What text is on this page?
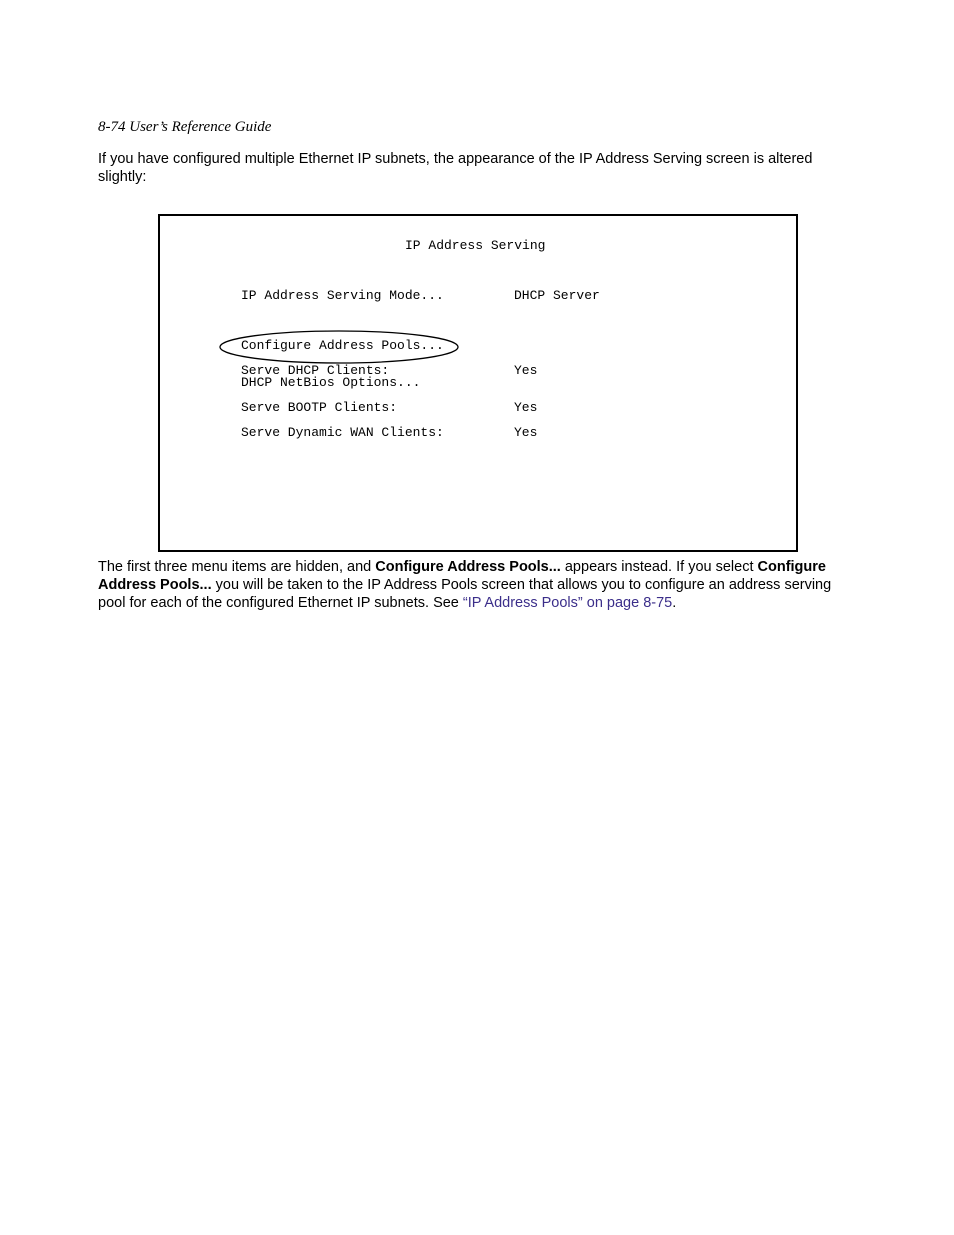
8-74 User’s Reference Guide
If you have configured multiple Ethernet IP subnets, the appearance of the IP Address Serving screen is altered slightly:
IP Address Serving
IP Address Serving Mode...	DHCP Server
Configure Address Pools...
Serve DHCP Clients:	Yes
DHCP NetBios Options...
Serve BOOTP Clients:	Yes
Serve Dynamic WAN Clients:	Yes
The first three menu items are hidden, and Configure Address Pools... appears instead. If you select Configure Address Pools... you will be taken to the IP Address Pools screen that allows you to configure an address serving pool for each of the configured Ethernet IP subnets. See “IP Address Pools” on page 8-75.
